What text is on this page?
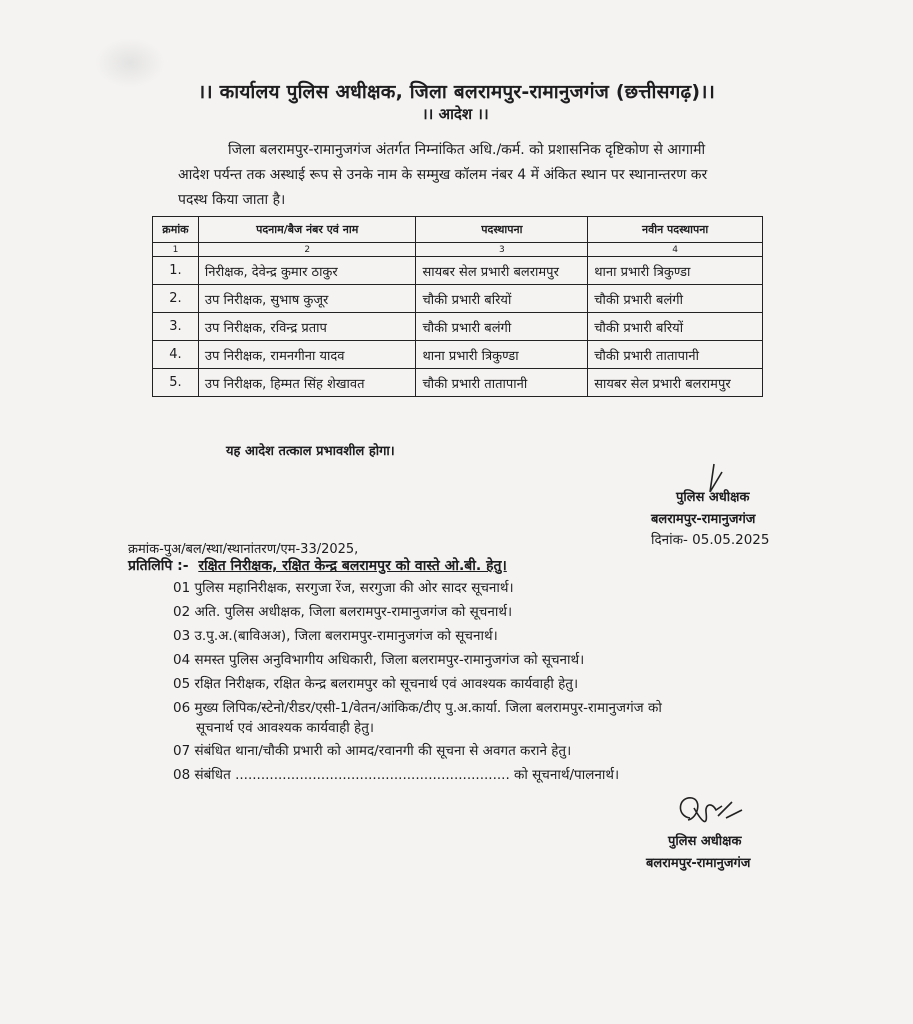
।। कार्यालय पुलिस अधीक्षक, जिला बलरामपुर-रामानुजगंज (छत्तीसगढ़)।।
।। आदेश ।।
जिला बलरामपुर-रामानुजगंज अंतर्गत निम्नांकित अधि./कर्म. को प्रशासनिक दृष्टिकोण से आगामी
आदेश पर्यन्त तक अस्थाई रूप से उनके नाम के सम्मुख कॉलम नंबर 4 में अंकित स्थान पर स्थानान्तरण कर
पदस्थ किया जाता है।
क्रमांक	पदनाम/बैज नंबर एवं नाम	पदस्थापना	नवीन पदस्थापना
1	2	3	4
1.	निरीक्षक, देवेन्द्र कुमार ठाकुर	सायबर सेल प्रभारी बलरामपुर	थाना प्रभारी त्रिकुण्डा
2.	उप निरीक्षक, सुभाष कुजूर	चौकी प्रभारी बरियों	चौकी प्रभारी बलंगी
3.	उप निरीक्षक, रविन्द्र प्रताप	चौकी प्रभारी बलंगी	चौकी प्रभारी बरियों
4.	उप निरीक्षक, रामनगीना यादव	थाना प्रभारी त्रिकुण्डा	चौकी प्रभारी तातापानी
5.	उप निरीक्षक, हिम्मत सिंह शेखावत	चौकी प्रभारी तातापानी	सायबर सेल प्रभारी बलरामपुर
यह आदेश तत्काल प्रभावशील होगा।
पुलिस अधीक्षक
बलरामपुर-रामानुजगंज
क्रमांक-पुअ/बल/स्था/स्थानांतरण/एम-33/2025,
दिनांक- 05.05.2025
प्रतिलिपि :- रक्षित निरीक्षक, रक्षित केन्द्र बलरामपुर को वास्ते ओ.बी. हेतु।
01 पुलिस महानिरीक्षक, सरगुजा रेंज, सरगुजा की ओर सादर सूचनार्थ।
02 अति. पुलिस अधीक्षक, जिला बलरामपुर-रामानुजगंज को सूचनार्थ।
03 उ.पु.अ.(बाविअअ), जिला बलरामपुर-रामानुजगंज को सूचनार्थ।
04 समस्त पुलिस अनुविभागीय अधिकारी, जिला बलरामपुर-रामानुजगंज को सूचनार्थ।
05 रक्षित निरीक्षक, रक्षित केन्द्र बलरामपुर को सूचनार्थ एवं आवश्यक कार्यवाही हेतु।
06 मुख्य लिपिक/स्टेनो/रीडर/एसी-1/वेतन/आंकिक/टीए पु.अ.कार्या. जिला बलरामपुर-रामानुजगंज को
सूचनार्थ एवं आवश्यक कार्यवाही हेतु।
07 संबंधित थाना/चौकी प्रभारी को आमद/रवानगी की सूचना से अवगत कराने हेतु।
08 संबंधित ................................................................ को सूचनार्थ/पालनार्थ।
पुलिस अधीक्षक
बलरामपुर-रामानुजगंज
